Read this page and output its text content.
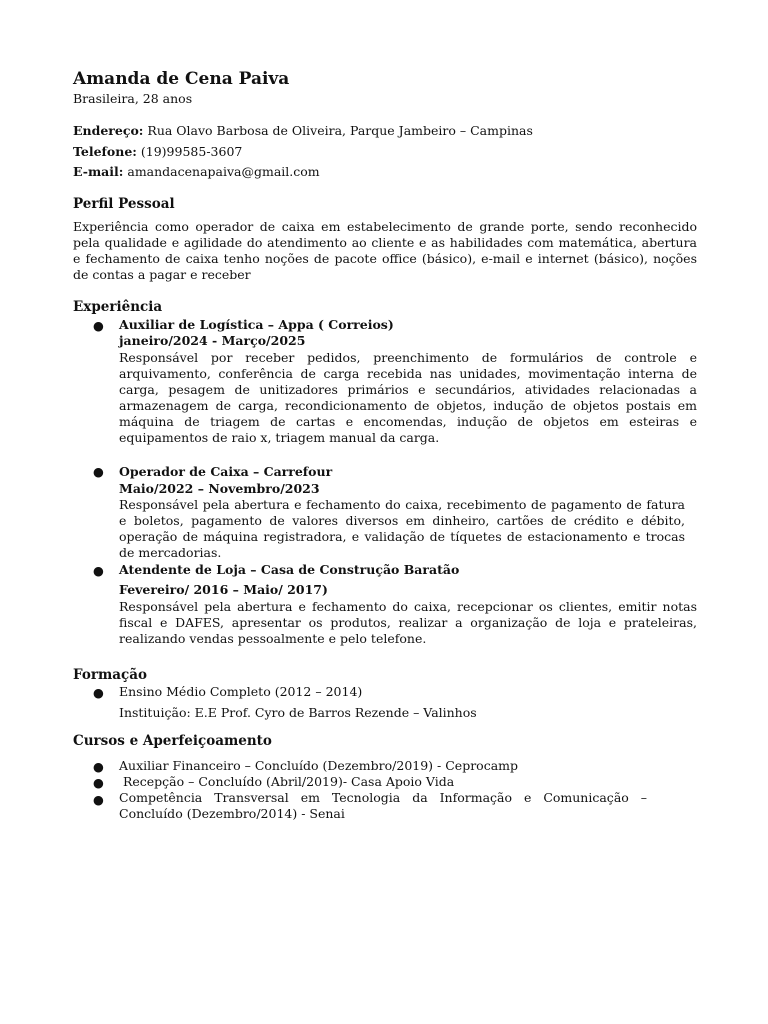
Amanda de Cena Paiva
Brasileira, 28 anos
Endereço: Rua Olavo Barbosa de Oliveira, Parque Jambeiro – Campinas
Telefone: (19)99585-3607
E-mail: amandacenapaiva@gmail.com
Perfil Pessoal
Experiência como operador de caixa em estabelecimento de grande porte, sendo reconhecido pela qualidade e agilidade do atendimento ao cliente e as habilidades com matemática, abertura e fechamento de caixa tenho noções de pacote office (básico), e-mail e internet (básico), noções de contas a pagar e receber
Experiência
● Auxiliar de Logística – Appa ( Correios)
janeiro/2024 - Março/2025
Responsável por receber pedidos, preenchimento de formulários de controle e arquivamento, conferência de carga recebida nas unidades, movimentação interna de carga, pesagem de unitizadores primários e secundários, atividades relacionadas a armazenagem de carga, recondicionamento de objetos, indução de objetos postais em máquina de triagem de cartas e encomendas, indução de objetos em esteiras e equipamentos de raio x, triagem manual da carga.
● Operador de Caixa – Carrefour
Maio/2022 – Novembro/2023
Responsável pela abertura e fechamento do caixa, recebimento de pagamento de fatura e boletos, pagamento de valores diversos em dinheiro, cartões de crédito e débito, operação de máquina registradora, e validação de tíquetes de estacionamento e trocas de mercadorias.
● Atendente de Loja – Casa de Construção Baratão
Fevereiro/ 2016 – Maio/ 2017)
Responsável pela abertura e fechamento do caixa, recepcionar os clientes, emitir notas fiscal e DAFES, apresentar os produtos, realizar a organização de loja e prateleiras, realizando vendas pessoalmente e pelo telefone.
Formação
● Ensino Médio Completo (2012 – 2014)
Instituição: E.E Prof. Cyro de Barros Rezende – Valinhos
Cursos e Aperfeiçoamento
● Auxiliar Financeiro – Concluído (Dezembro/2019) - Ceprocamp
● Recepção – Concluído (Abril/2019)- Casa Apoio Vida
● Competência Transversal em Tecnologia da Informação e Comunicação – Concluído (Dezembro/2014) - Senai
